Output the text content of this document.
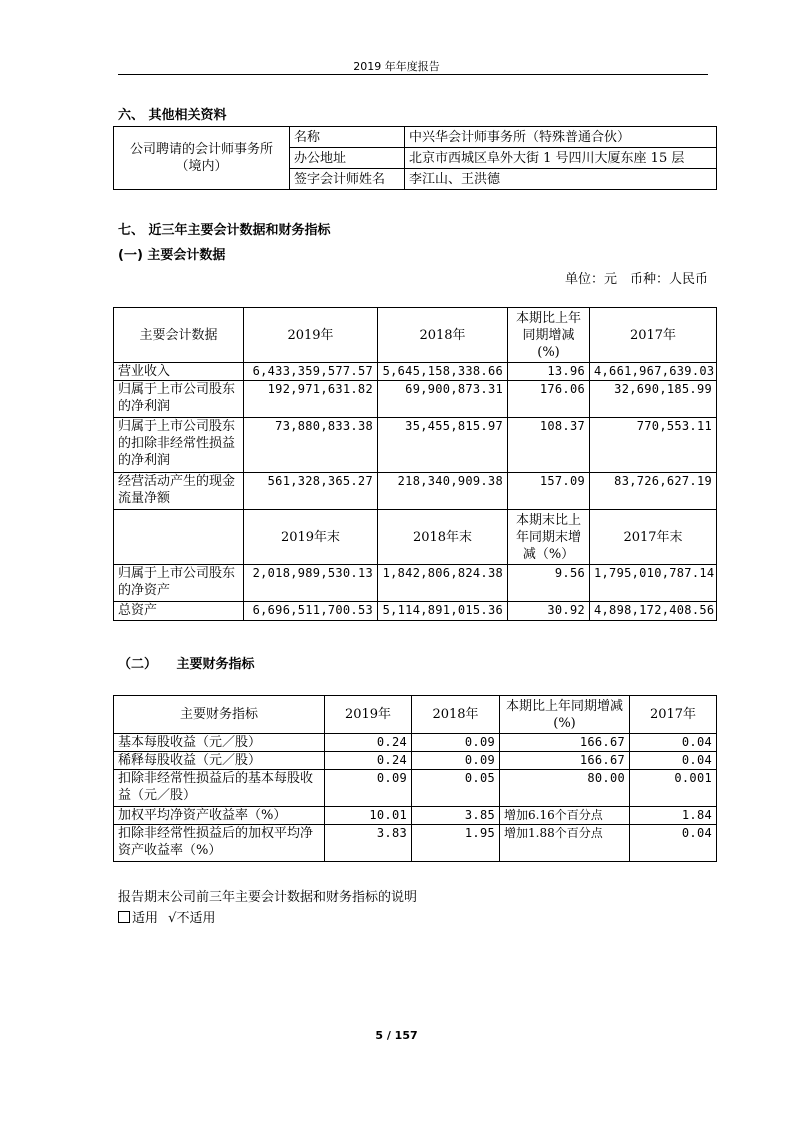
2019 年年度报告
六、 其他相关资料
公司聘请的会计师事务所（境内）	名称	中兴华会计师事务所（特殊普通合伙）
	办公地址	北京市西城区阜外大街 1 号四川大厦东座 15 层
	签字会计师姓名	李江山、王洪德
七、 近三年主要会计数据和财务指标
(一) 主要会计数据
单位：元　币种：人民币
主要会计数据	2019年	2018年	本期比上年同期增减(%)	2017年
营业收入	6,433,359,577.57	5,645,158,338.66	13.96	4,661,967,639.03
归属于上市公司股东的净利润	192,971,631.82	69,900,873.31	176.06	32,690,185.99
归属于上市公司股东的扣除非经常性损益的净利润	73,880,833.38	35,455,815.97	108.37	770,553.11
经营活动产生的现金流量净额	561,328,365.27	218,340,909.38	157.09	83,726,627.19
	2019年末	2018年末	本期末比上年同期末增减（%）	2017年末
归属于上市公司股东的净资产	2,018,989,530.13	1,842,806,824.38	9.56	1,795,010,787.14
总资产	6,696,511,700.53	5,114,891,015.36	30.92	4,898,172,408.56
（二）　　主要财务指标
主要财务指标	2019年	2018年	本期比上年同期增减(%)	2017年
基本每股收益（元／股）	0.24	0.09	166.67	0.04
稀释每股收益（元／股）	0.24	0.09	166.67	0.04
扣除非经常性损益后的基本每股收益（元／股）	0.09	0.05	80.00	0.001
加权平均净资产收益率（%）	10.01	3.85	增加6.16个百分点	1.84
扣除非经常性损益后的加权平均净资产收益率（%）	3.83	1.95	增加1.88个百分点	0.04
报告期末公司前三年主要会计数据和财务指标的说明
适用 √不适用
5 / 157
